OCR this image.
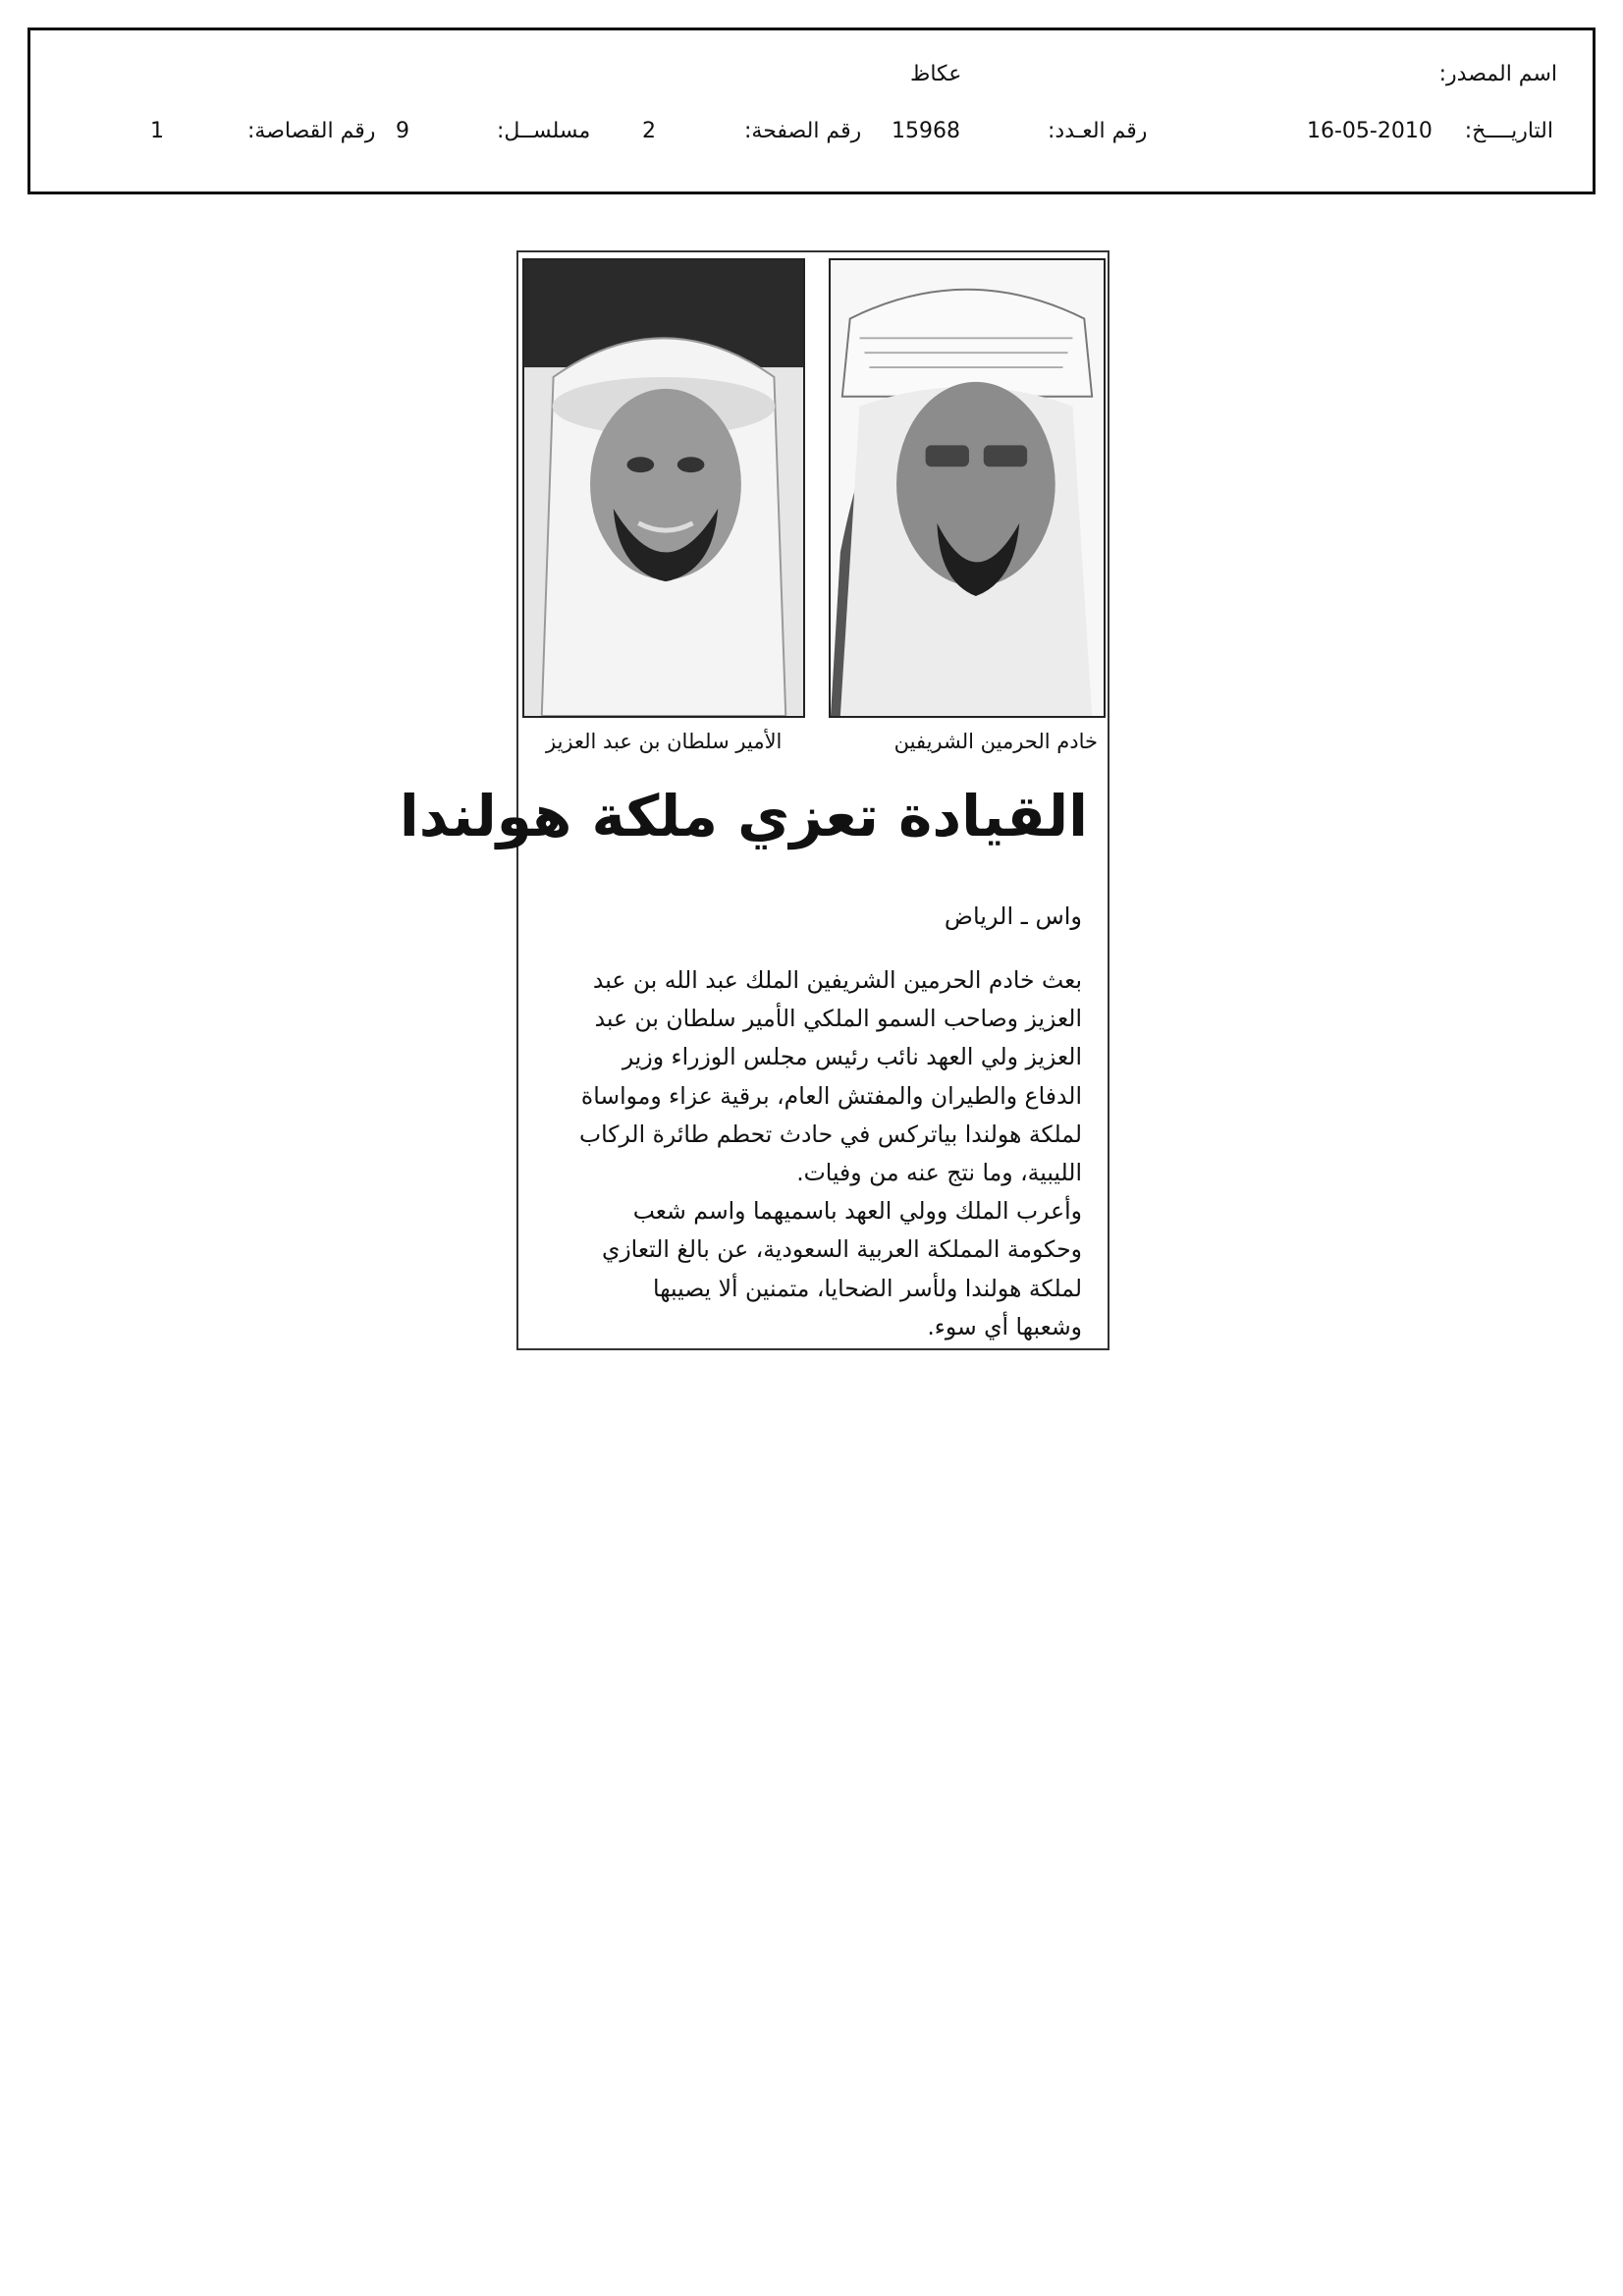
اسم المصدر:
عكاظ
التاريــــخ:
16-05-2010
رقم العـدد:
15968
رقم الصفحة:
2
مسلســل:
9
رقم القصاصة:
1
الأمير سلطان بن عبد العزيز	خادم الحرمين الشريفين
القيادة تعزي ملكة هولندا
واس ـ الرياض
بعث خادم الحرمين الشريفين الملك عبد الله بن عبد
العزيز وصاحب السمو الملكي الأمير سلطان بن عبد
العزيز ولي العهد نائب رئيس مجلس الوزراء وزير
الدفاع والطيران والمفتش العام، برقية عزاء ومواساة
لملكة هولندا بياتركس في حادث تحطم طائرة الركاب
الليبية، وما نتج عنه من وفيات.
وأعرب الملك وولي العهد باسميهما واسم شعب
وحكومة المملكة العربية السعودية، عن بالغ التعازي
لملكة هولندا ولأسر الضحايا، متمنين ألا يصيبها
وشعبها أي سوء.
